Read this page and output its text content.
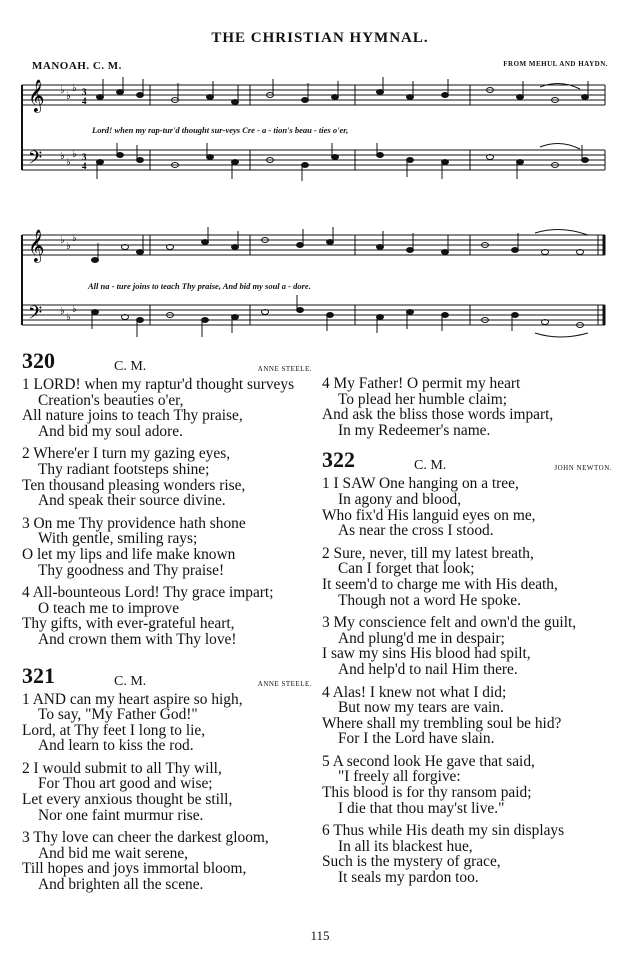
THE CHRISTIAN HYMNAL.
MANOAH. C. M.	FROM MEHUL AND HAYDN.
𝄞
𝄢
♭
♭
♭
♭
♭
♭
3
4
3
4
Lord! when my rap-tur'd thought sur-veys Cre - a - tion's beau - ties o'er,
𝄞
𝄢
♭
♭
♭
♭
♭
♭
All na - ture joins to teach Thy praise, And bid my soul a - dore.
320	C. M.	ANNE STEELE.
1 LORD! when my raptur'd thought surveys
Creation's beauties o'er,
All nature joins to teach Thy praise,
And bid my soul adore.
2 Where'er I turn my gazing eyes,
Thy radiant footsteps shine;
Ten thousand pleasing wonders rise,
And speak their source divine.
3 On me Thy providence hath shone
With gentle, smiling rays;
O let my lips and life make known
Thy goodness and Thy praise!
4 All-bounteous Lord! Thy grace impart;
O teach me to improve
Thy gifts, with ever-grateful heart,
And crown them with Thy love!
321	C. M.	ANNE STEELE.
1 AND can my heart aspire so high,
To say, "My Father God!"
Lord, at Thy feet I long to lie,
And learn to kiss the rod.
2 I would submit to all Thy will,
For Thou art good and wise;
Let every anxious thought be still,
Nor one faint murmur rise.
3 Thy love can cheer the darkest gloom,
And bid me wait serene,
Till hopes and joys immortal bloom,
And brighten all the scene.
4 My Father! O permit my heart
To plead her humble claim;
And ask the bliss those words impart,
In my Redeemer's name.
322	C. M.	JOHN NEWTON.
1 I SAW One hanging on a tree,
In agony and blood,
Who fix'd His languid eyes on me,
As near the cross I stood.
2 Sure, never, till my latest breath,
Can I forget that look;
It seem'd to charge me with His death,
Though not a word He spoke.
3 My conscience felt and own'd the guilt,
And plung'd me in despair;
I saw my sins His blood had spilt,
And help'd to nail Him there.
4 Alas! I knew not what I did;
But now my tears are vain.
Where shall my trembling soul be hid?
For I the Lord have slain.
5 A second look He gave that said,
"I freely all forgive:
This blood is for thy ransom paid;
I die that thou may'st live."
6 Thus while His death my sin displays
In all its blackest hue,
Such is the mystery of grace,
It seals my pardon too.
115
